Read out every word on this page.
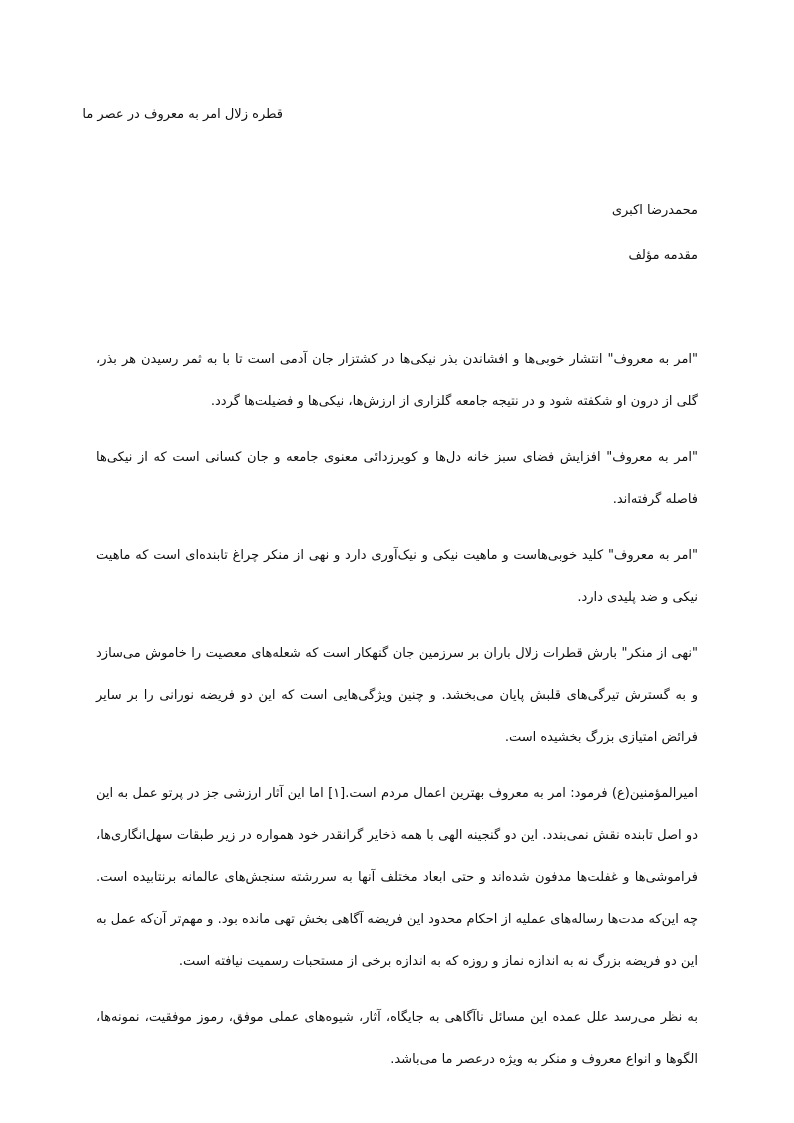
قطره زلال امر به معروف در عصر ما
محمدرضا اکبری
مقدمه مؤلف

"امر به معروف" انتشار خوبی‌ها و افشاندن بذر نیکی‌ها در کشتزار جان آدمی است تا با به ثمر رسیدن هر بذر، گلی از درون او شکفته شود و در نتیجه جامعه گلزاری از ارزش‌ها، نیکی‌ها و فضیلت‌ها گردد.

"امر به معروف" افزایش فضای سبز خانه دل‌ها و کویرزدائی معنوی جامعه و جان کسانی است که از نیکی‌ها فاصله گرفته‌اند.

"امر به معروف" کلید خوبی‌هاست و ماهیت نیکی و نیک‌آوری دارد و نهی از منکر چراغ تابنده‌ای است که ماهیت نیکی و ضد پلیدی دارد.

"نهی از منکر" بارش قطرات زلال باران بر سرزمین جان گنهکار است که شعله‌های معصیت را خاموش می‌سازد و به گسترش تیرگی‌های قلبش پایان می‌بخشد. و چنین ویژگی‌هایی است که این دو فریضه نورانی را بر سایر فرائض امتیازی بزرگ بخشیده است.

امیرالمؤمنین(ع) فرمود: امر به معروف بهترین اعمال مردم است.[۱] اما این آثار ارزشی جز در پرتو عمل به این دو اصل تابنده نقش نمی‌بندد. این دو گنجینه الهی با همه ذخایر گرانقدر خود همواره در زیر طبقات سهل‌انگاری‌ها، فراموشی‌ها و غفلت‌ها مدفون شده‌اند و حتی ابعاد مختلف آنها به سررشته سنجش‌های عالمانه برنتابیده است. چه این‌که مدت‌ها رساله‌های عملیه از احکام محدود این فریضه آگاهی بخش تهی مانده بود. و مهم‌تر آن‌که عمل به این دو فریضه بزرگ نه به اندازه نماز و روزه که به اندازه برخی از مستحبات رسمیت نیافته است.

به نظر می‌رسد علل عمده این مسائل ناآگاهی به جایگاه، آثار، شیوه‌های عملی موفق، رموز موفقیت، نمونه‌ها، الگوها و انواع معروف و منکر به ویژه درعصر ما می‌باشد.
